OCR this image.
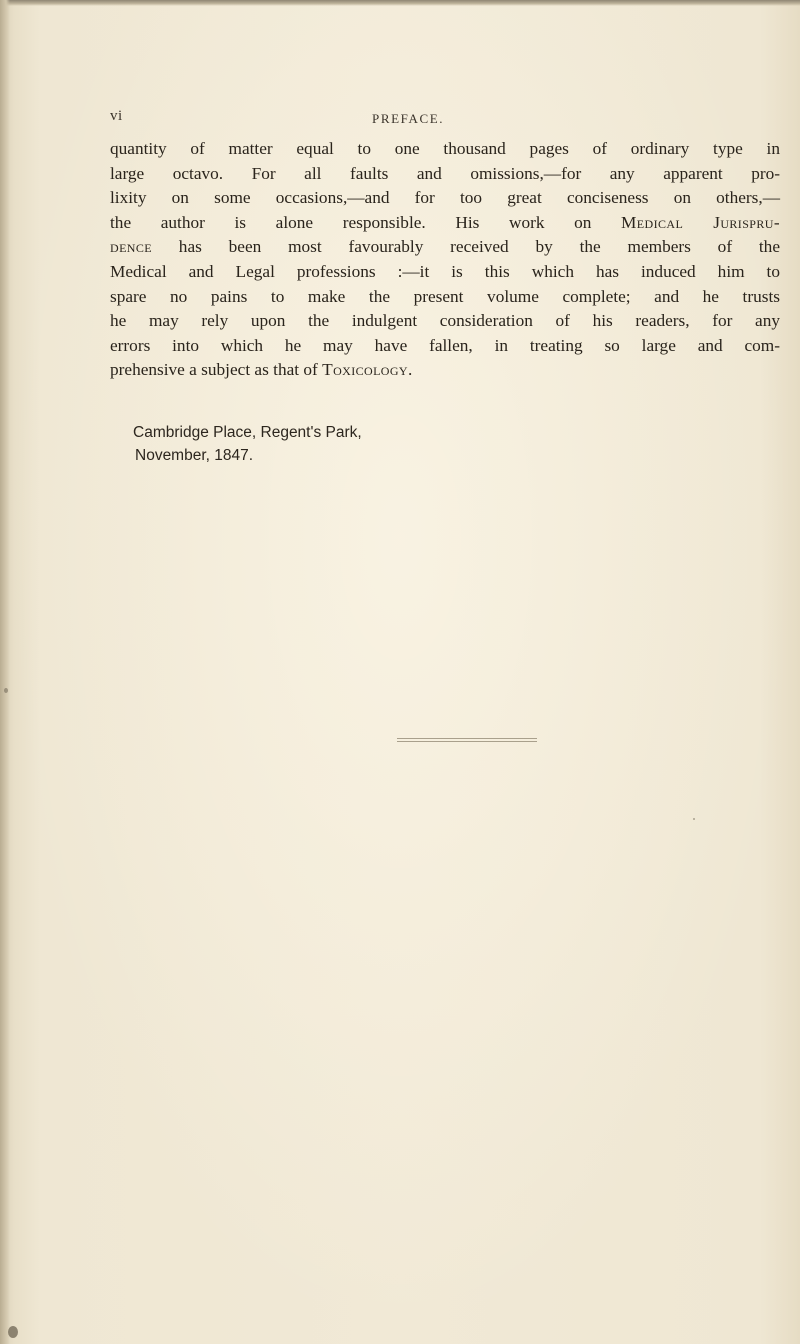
vi	PREFACE.

quantity of matter equal to one thousand pages of ordinary type in
large octavo. For all faults and omissions,—for any apparent pro-
lixity on some occasions,—and for too great conciseness on others,—
the author is alone responsible. His work on Medical Jurispru-
dence has been most favourably received by the members of the
Medical and Legal professions :—it is this which has induced him to
spare no pains to make the present volume complete; and he trusts
he may rely upon the indulgent consideration of his readers, for any
errors into which he may have fallen, in treating so large and com-
prehensive a subject as that of Toxicology.

Cambridge Place, Regent's Park,
November, 1847.
